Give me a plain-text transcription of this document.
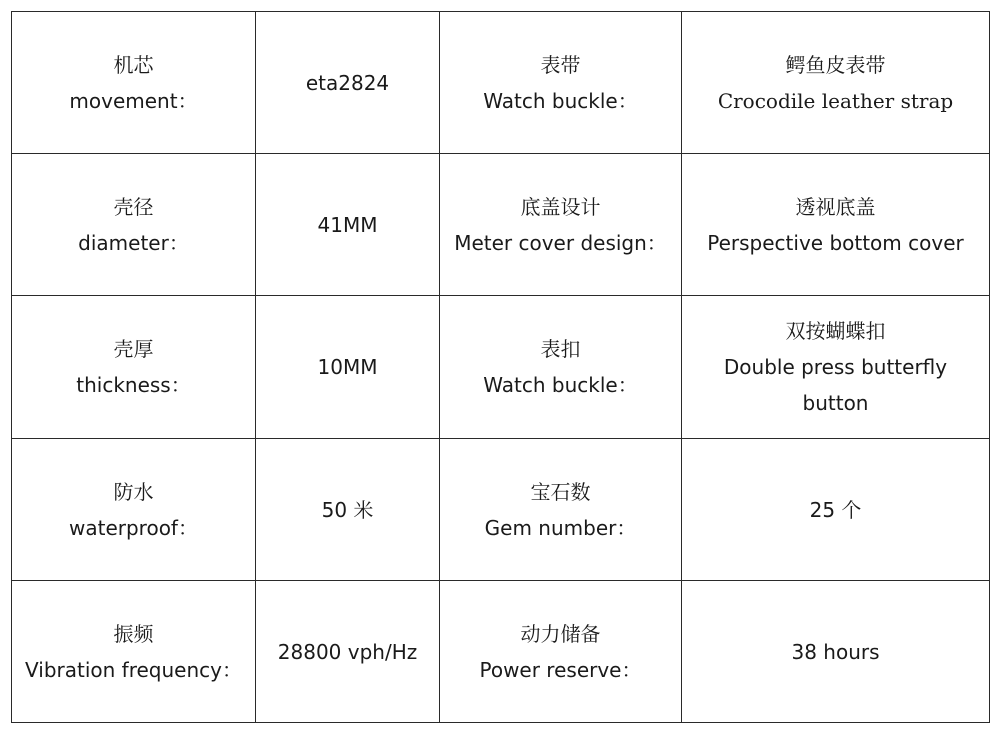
机芯
movement：	eta2824	表带
Watch buckle：	鳄鱼皮表带
Crocodile leather strap

壳径
diameter：	41MM	底盖设计
Meter cover design：	透视底盖
Perspective bottom cover

壳厚
thickness：	10MM	表扣
Watch buckle：	双按蝴蝶扣
Double press butterfly
button

防水
waterproof：	50 米	宝石数
Gem number：	25 个

振频
Vibration frequency：	28800 vph/Hz	动力储备
Power reserve：	38 hours
